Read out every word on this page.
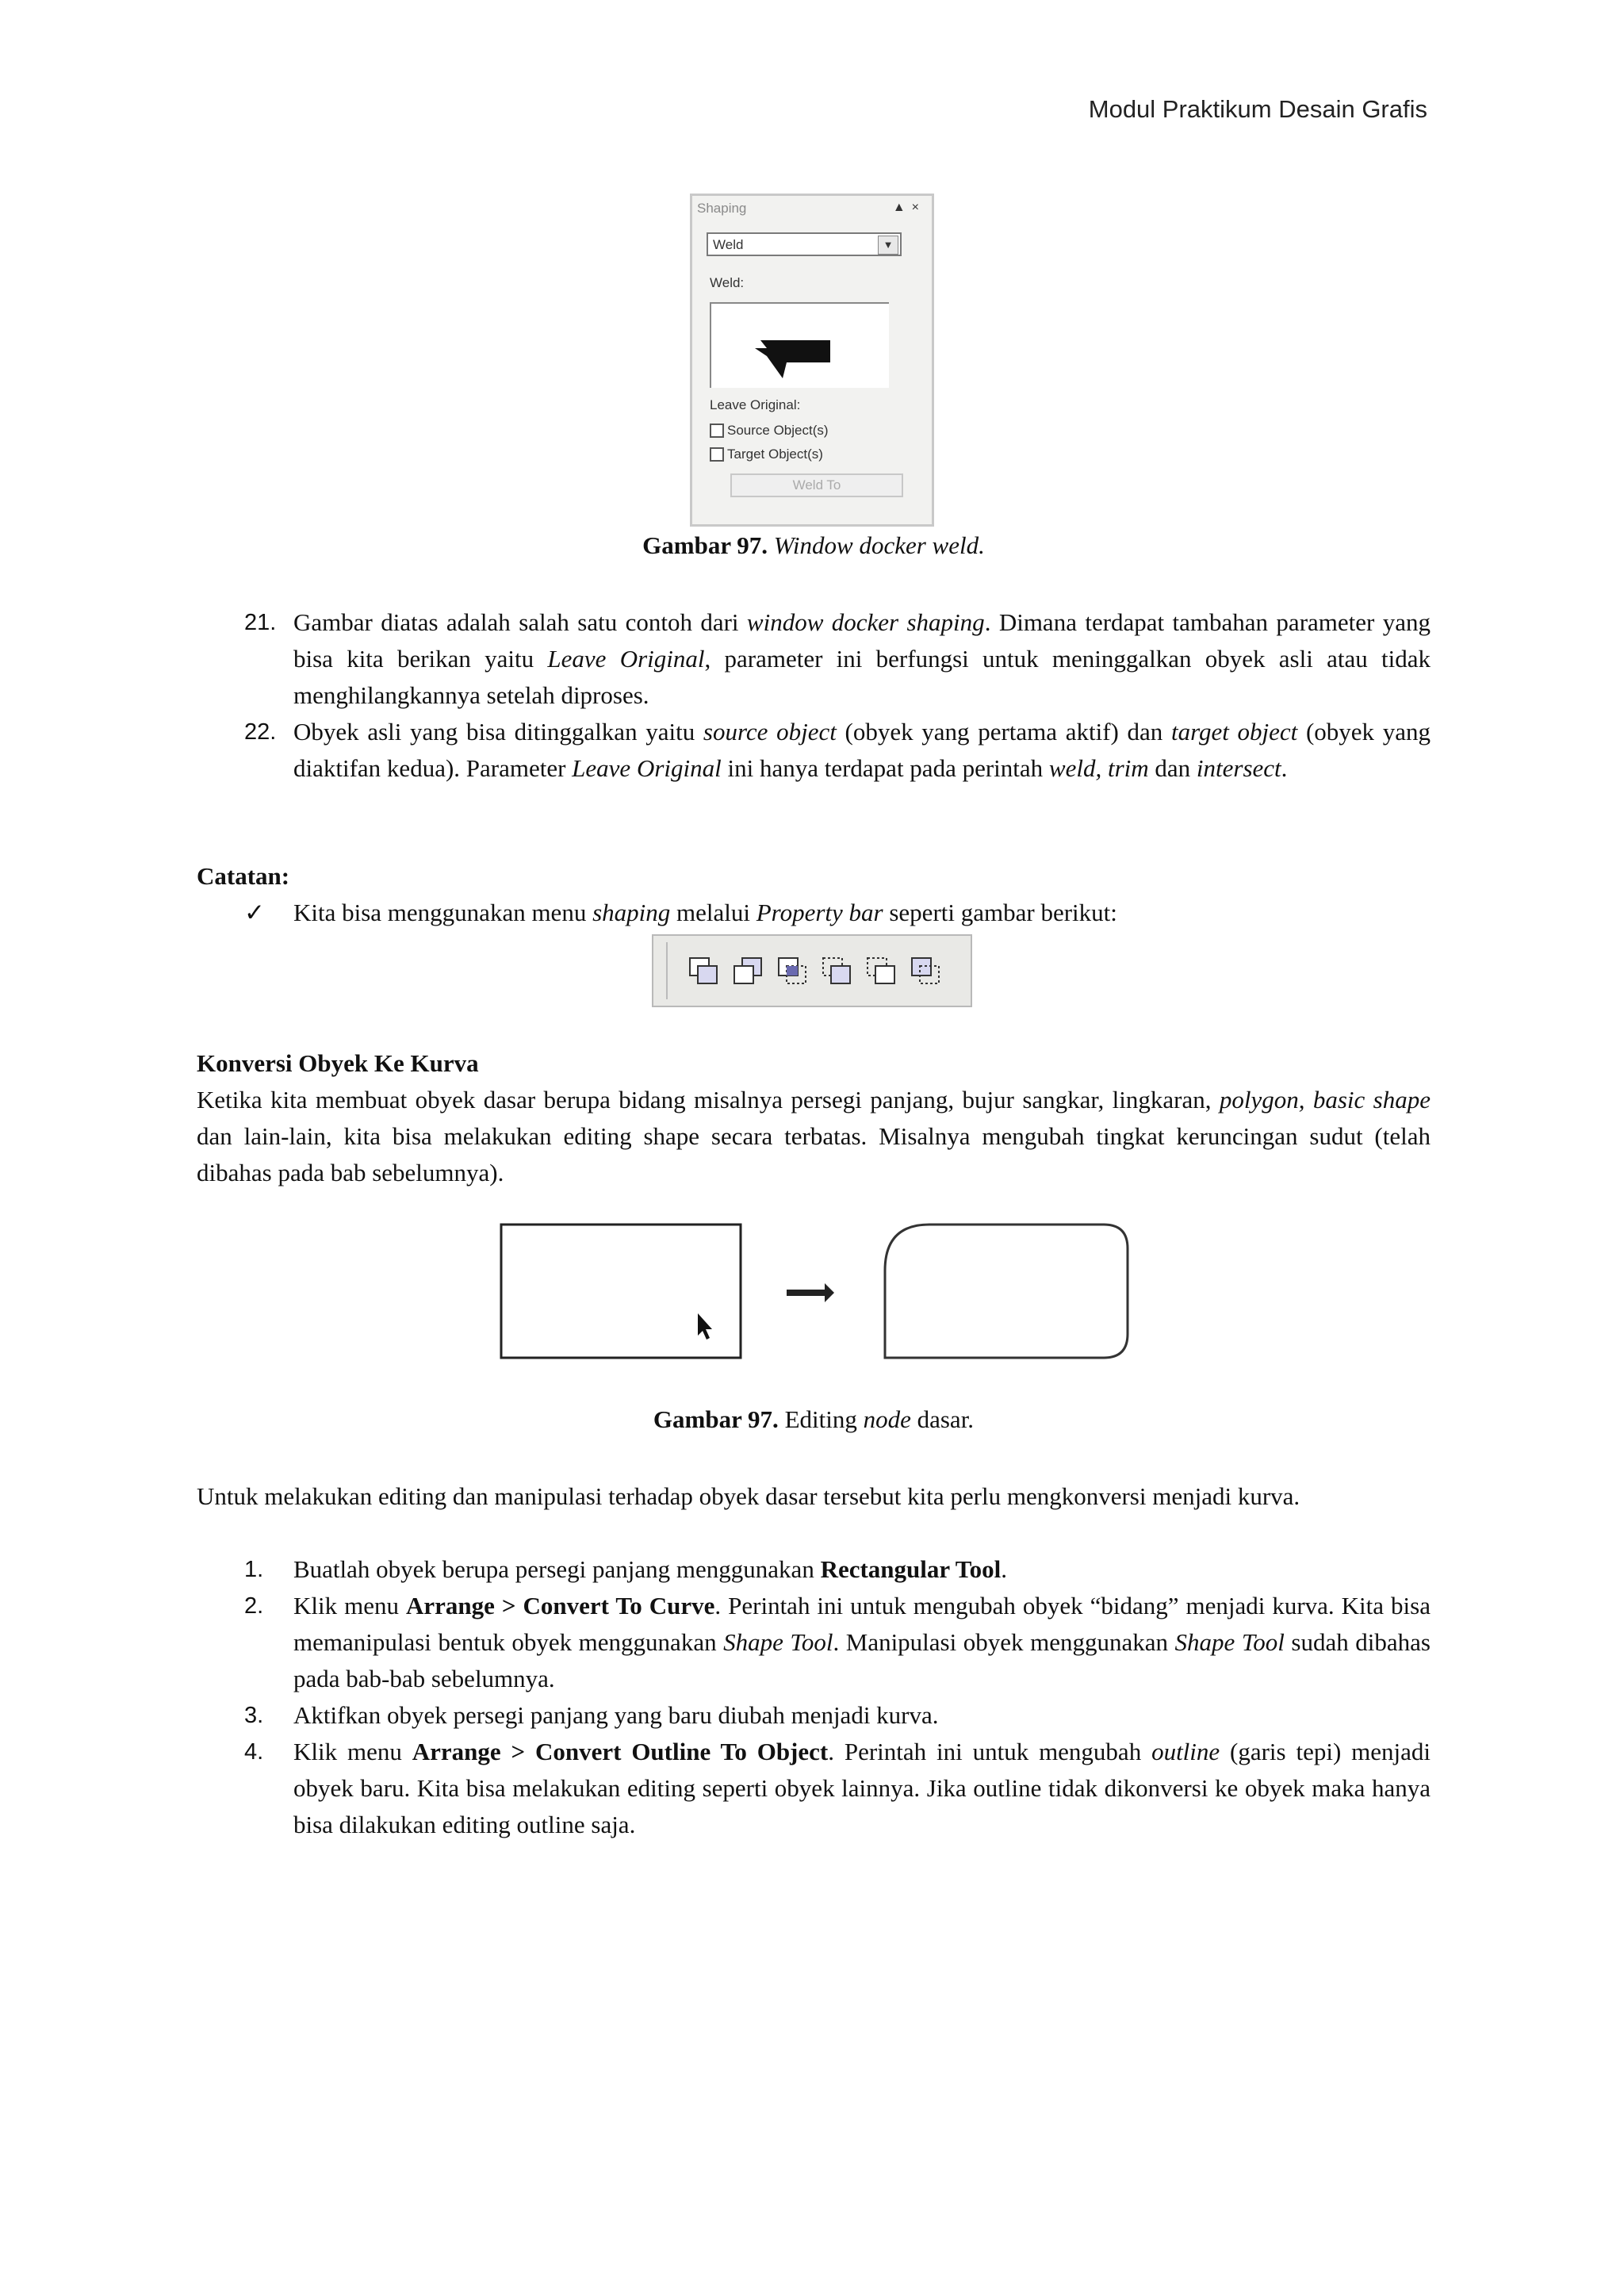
Modul Praktikum Desain Grafis
Shaping	▲×
Weld	▼
Weld:
Leave Original:
Source Object(s)
Target Object(s)
Weld To
Gambar 97. Window docker weld.
21. Gambar diatas adalah salah satu contoh dari window docker shaping. Dimana terdapat tambahan parameter yang bisa kita berikan yaitu Leave Original, parameter ini berfungsi untuk meninggalkan obyek asli atau tidak menghilangkannya setelah diproses.
22. Obyek asli yang bisa ditinggalkan yaitu source object (obyek yang pertama aktif) dan target object (obyek yang diaktifan kedua). Parameter Leave Original ini hanya terdapat pada perintah weld, trim dan intersect.

Catatan:

✓ Kita bisa menggunakan menu shaping melalui Property bar seperti gambar berikut:

Konversi Obyek Ke Kurva

Ketika kita membuat obyek dasar berupa bidang misalnya persegi panjang, bujur sangkar, lingkaran, polygon, basic shape dan lain-lain, kita bisa melakukan editing shape secara terbatas. Misalnya mengubah tingkat keruncingan sudut (telah dibahas pada bab sebelumnya).

Gambar 97. Editing node dasar.

Untuk melakukan editing dan manipulasi terhadap obyek dasar tersebut kita perlu mengkonversi menjadi kurva.

1. Buatlah obyek berupa persegi panjang menggunakan Rectangular Tool.
2. Klik menu Arrange > Convert To Curve. Perintah ini untuk mengubah obyek “bidang” menjadi kurva. Kita bisa memanipulasi bentuk obyek menggunakan Shape Tool. Manipulasi obyek menggunakan Shape Tool sudah dibahas pada bab-bab sebelumnya.
3. Aktifkan obyek persegi panjang yang baru diubah menjadi kurva.
4. Klik menu Arrange > Convert Outline To Object. Perintah ini untuk mengubah outline (garis tepi) menjadi obyek baru. Kita bisa melakukan editing seperti obyek lainnya. Jika outline tidak dikonversi ke obyek maka hanya bisa dilakukan editing outline saja.
